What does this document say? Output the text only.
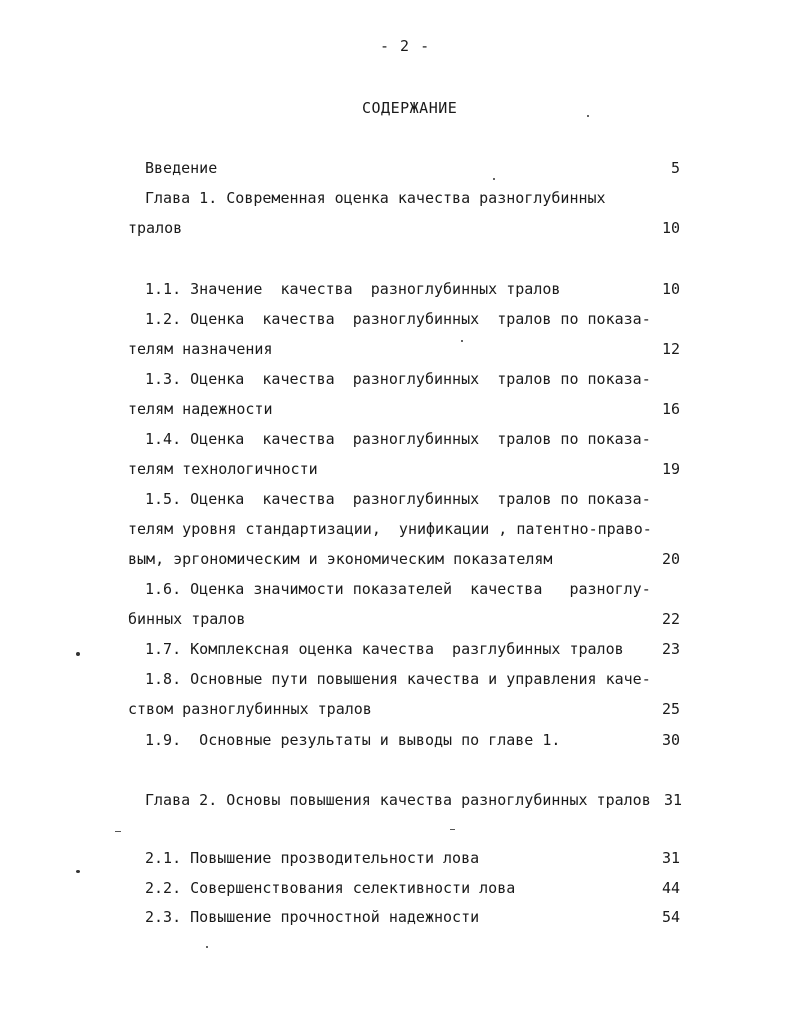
- 2 -
СОДЕРЖАНИЕ
Введение	5
Глава 1. Современная оценка качества разноглубинных
тралов	10
1.1. Значение  качества  разноглубинных тралов	10
1.2. Оценка  качества  разноглубинных  тралов по показа-
телям назначения	12
1.3. Оценка  качества  разноглубинных  тралов по показа-
телям надежности	16
1.4. Оценка  качества  разноглубинных  тралов по показа-
телям технологичности	19
1.5. Оценка  качества  разноглубинных  тралов по показа-
телям уровня стандартизации,  унификации , патентно-право-
вым, эргономическим и экономическим показателям	20
1.6. Оценка значимости показателей  качества   разноглу-
бинных тралов	22
1.7. Комплексная оценка качества  разглубинных тралов	23
1.8. Основные пути повышения качества и управления каче-
ством разноглубинных тралов	25
1.9.  Основные результаты и выводы по главе 1.	30
Глава 2. Основы повышения качества разноглубинных тралов 31
2.1. Повышение прозводительности лова	31
2.2. Совершенствования селективности лова	44
2.3. Повышение прочностной надежности	54
